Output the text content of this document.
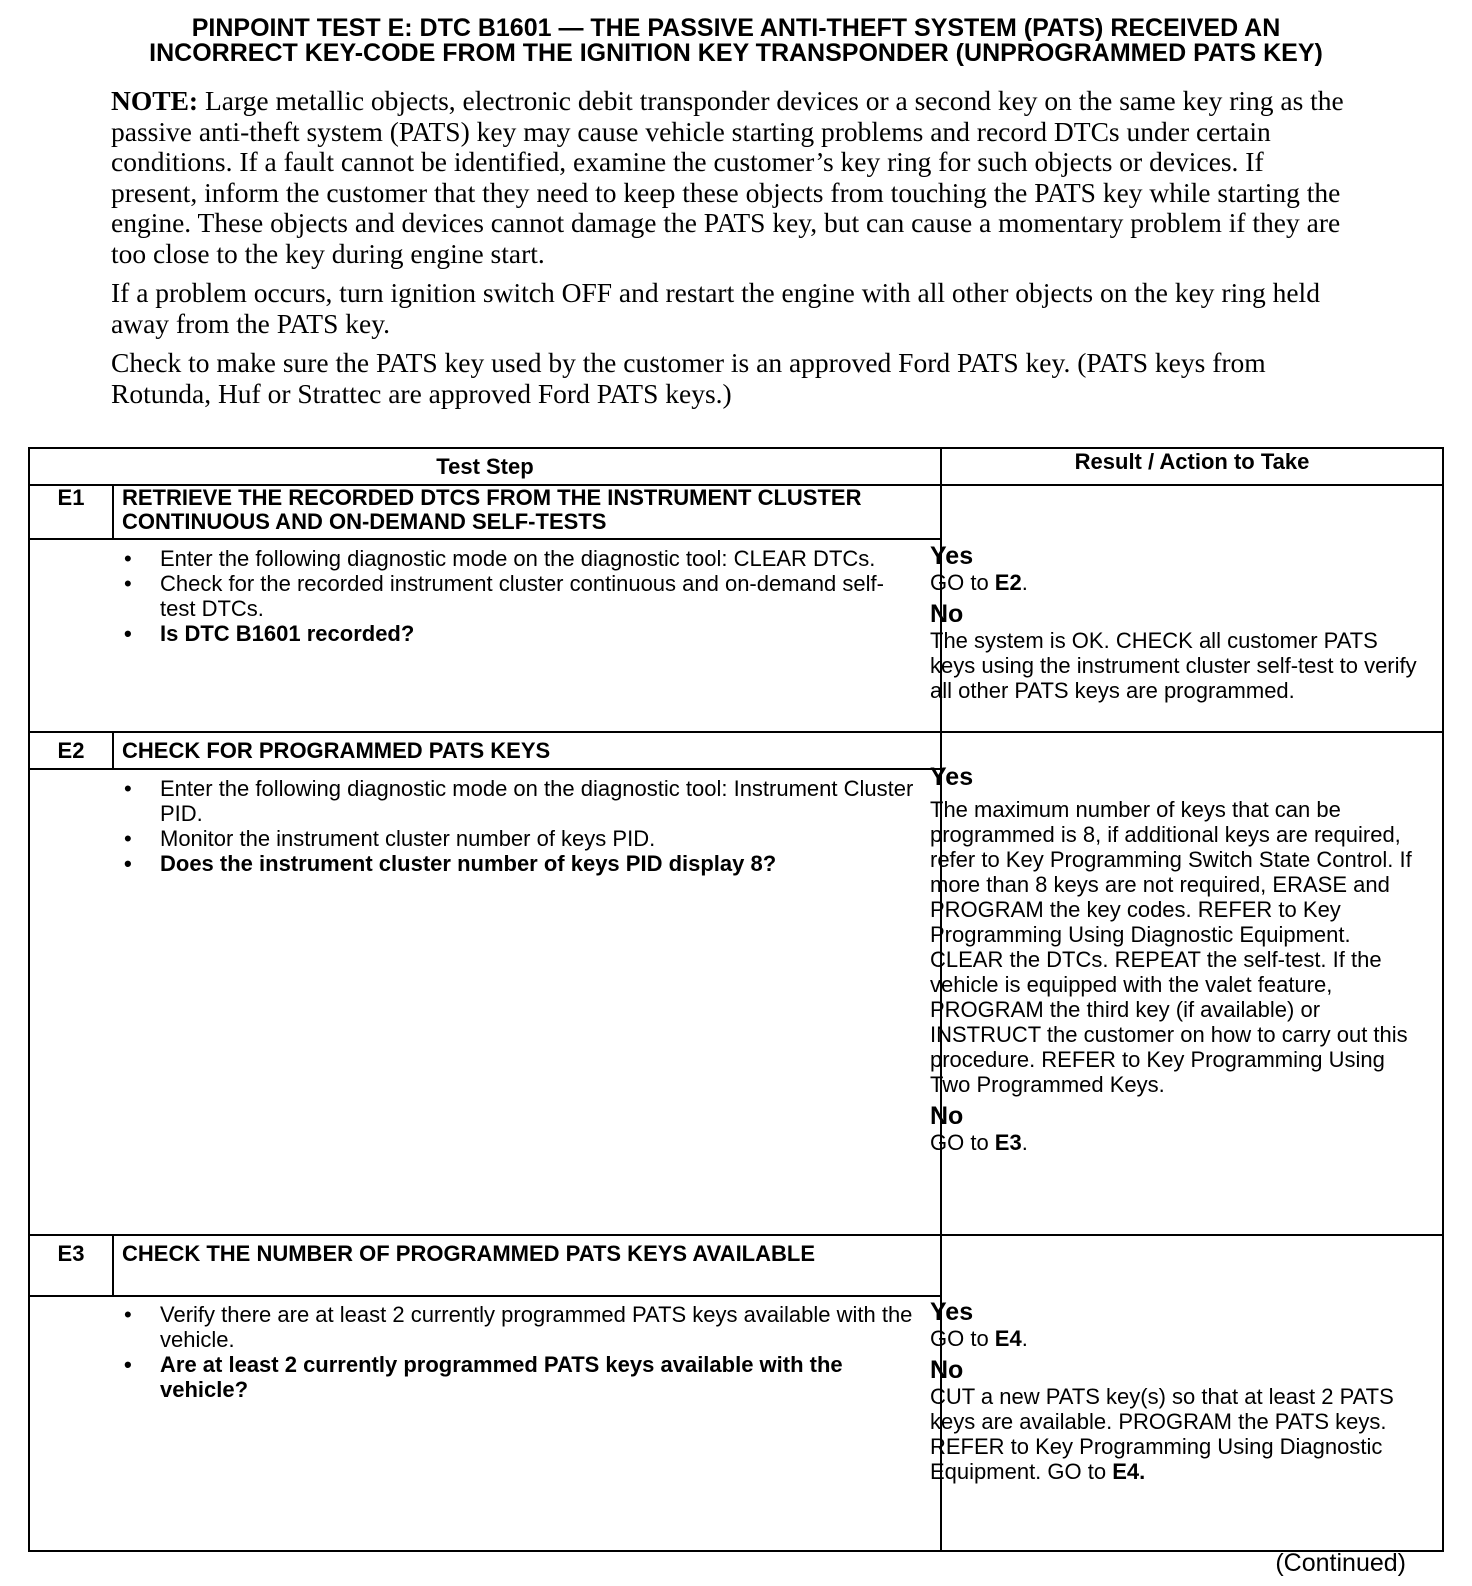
PINPOINT TEST E: DTC B1601 — THE PASSIVE ANTI-THEFT SYSTEM (PATS) RECEIVED AN
INCORRECT KEY-CODE FROM THE IGNITION KEY TRANSPONDER (UNPROGRAMMED PATS KEY)

NOTE: Large metallic objects, electronic debit transponder devices or a second key on the same key ring as the passive anti-theft system (PATS) key may cause vehicle starting problems and record DTCs under certain conditions. If a fault cannot be identified, examine the customer’s key ring for such objects or devices. If present, inform the customer that they need to keep these objects from touching the PATS key while starting the engine. These objects and devices cannot damage the PATS key, but can cause a momentary problem if they are too close to the key during engine start.

If a problem occurs, turn ignition switch OFF and restart the engine with all other objects on the key ring held away from the PATS key.

Check to make sure the PATS key used by the customer is an approved Ford PATS key. (PATS keys from Rotunda, Huf or Strattec are approved Ford PATS keys.)

Test Step	Result / Action to Take
E1	RETRIEVE THE RECORDED DTCS FROM THE INSTRUMENT CLUSTER CONTINUOUS AND ON-DEMAND SELF-TESTS
• Enter the following diagnostic mode on the diagnostic tool: CLEAR DTCs.
• Check for the recorded instrument cluster continuous and on-demand self-test DTCs.
• Is DTC B1601 recorded?
Yes
GO to E2.
No
The system is OK. CHECK all customer PATS keys using the instrument cluster self-test to verify all other PATS keys are programmed.
E2	CHECK FOR PROGRAMMED PATS KEYS
• Enter the following diagnostic mode on the diagnostic tool: Instrument Cluster PID.
• Monitor the instrument cluster number of keys PID.
• Does the instrument cluster number of keys PID display 8?
Yes
The maximum number of keys that can be programmed is 8, if additional keys are required, refer to Key Programming Switch State Control. If more than 8 keys are not required, ERASE and PROGRAM the key codes. REFER to Key Programming Using Diagnostic Equipment. CLEAR the DTCs. REPEAT the self-test. If the vehicle is equipped with the valet feature, PROGRAM the third key (if available) or INSTRUCT the customer on how to carry out this procedure. REFER to Key Programming Using Two Programmed Keys.
No
GO to E3.
E3	CHECK THE NUMBER OF PROGRAMMED PATS KEYS AVAILABLE
• Verify there are at least 2 currently programmed PATS keys available with the vehicle.
• Are at least 2 currently programmed PATS keys available with the vehicle?
Yes
GO to E4.
No
CUT a new PATS key(s) so that at least 2 PATS keys are available. PROGRAM the PATS keys. REFER to Key Programming Using Diagnostic Equipment. GO to E4.
(Continued)
